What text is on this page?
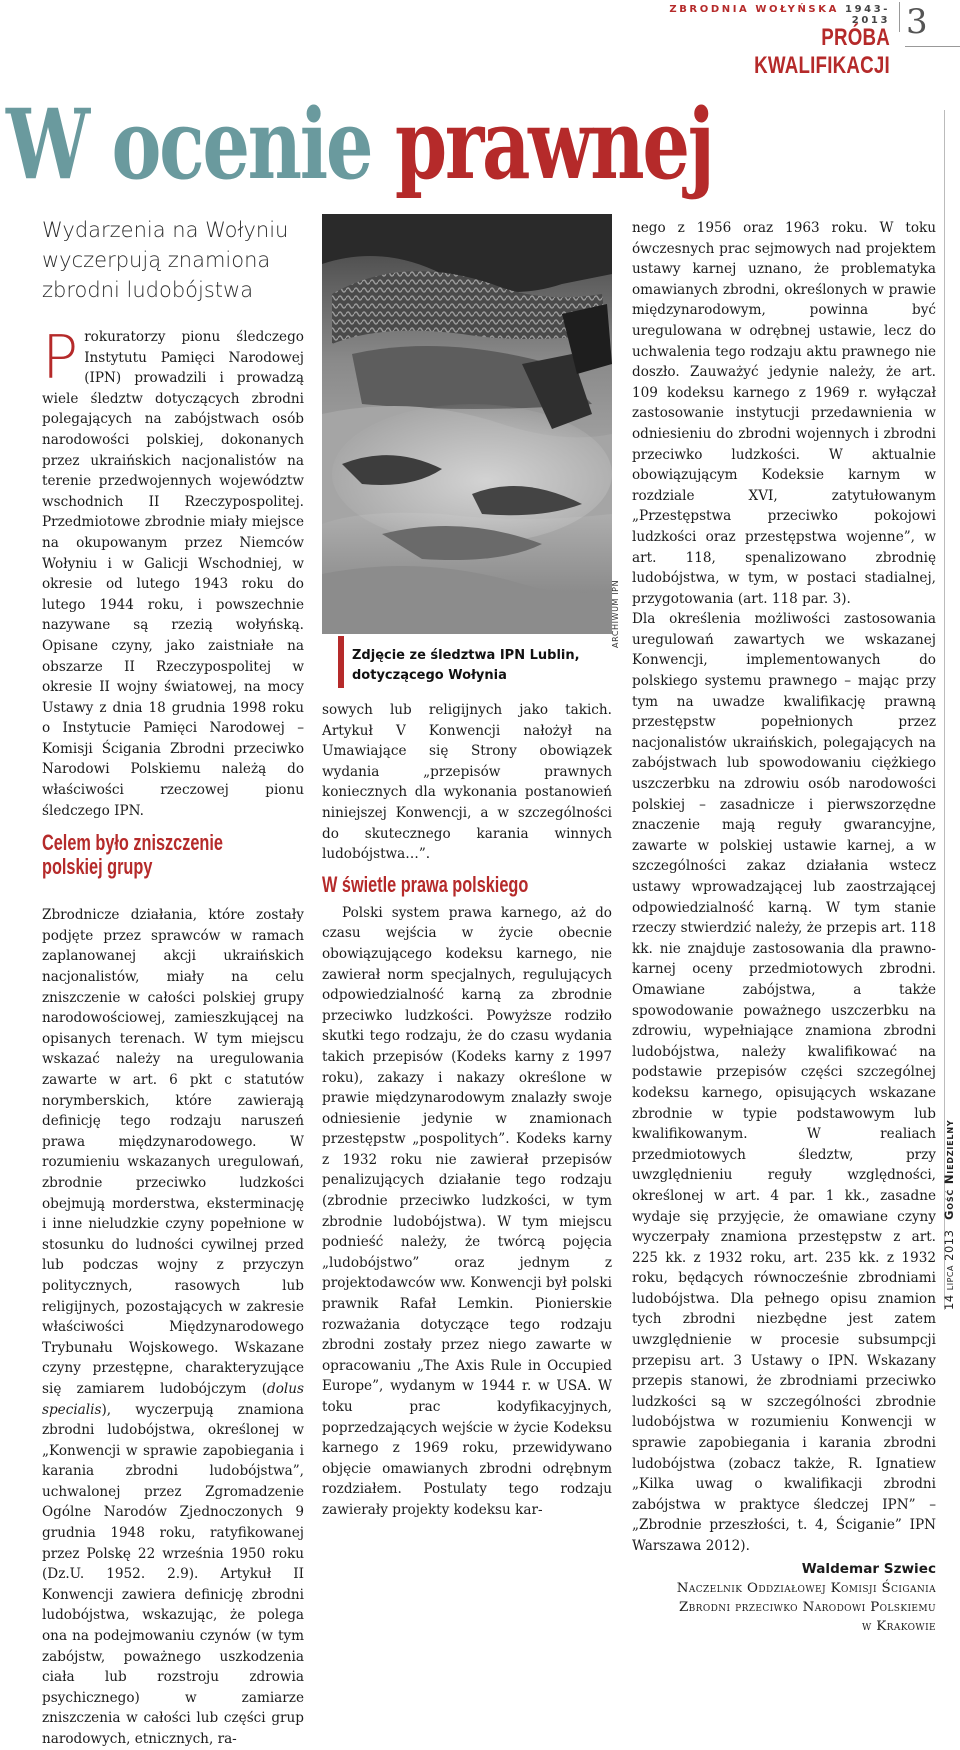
ZBRODNIA WOŁYŃSKA 1943-2013
PRÓBA KWALIFIKACJI
3
W ocenie prawnej
Wydarzenia na Wołyniu wyczerpują znamiona zbrodni ludobójstwa

Prokuratorzy pionu śledczego Instytutu Pamięci Narodowej (IPN) prowadzili i prowadzą wiele śledztw dotyczących zbrodni polegających na zabójstwach osób narodowości polskiej, dokonanych przez ukraińskich nacjonalistów na terenie przedwojennych województw wschodnich II Rzeczypospolitej. Przedmiotowe zbrodnie miały miejsce na okupowanym przez Niemców Wołyniu i w Galicji Wschodniej, w okresie od lutego 1943 roku do lutego 1944 roku, i powszechnie nazywane są rzezią wołyńską. Opisane czyny, jako zaistniałe na obszarze II Rzeczypospolitej w okresie II wojny światowej, na mocy Ustawy z dnia 18 grudnia 1998 roku o Instytucie Pamięci Narodowej – Komisji Ścigania Zbrodni przeciwko Narodowi Polskiemu należą do właściwości rzeczowej pionu śledczego IPN.

Celem było zniszczenie
polskiej grupy

Zbrodnicze działania, które zostały podjęte przez sprawców w ramach zaplanowanej akcji ukraińskich nacjonalistów, miały na celu zniszczenie w całości polskiej grupy narodowościowej, zamieszkującej na opisanych terenach. W tym miejscu wskazać należy na uregulowania zawarte w art. 6 pkt c statutów norymberskich, które zawierają definicję tego rodzaju naruszeń prawa międzynarodowego. W rozumieniu wskazanych uregulowań, zbrodnie przeciwko ludzkości obejmują morderstwa, eksterminację i inne nieludzkie czyny popełnione w stosunku do ludności cywilnej przed lub podczas wojny z przyczyn politycznych, rasowych lub religijnych, pozostających w zakresie właściwości Międzynarodowego Trybunału Wojskowego. Wskazane czyny przestępne, charakteryzujące się zamiarem ludobójczym (dolus specialis), wyczerpują znamiona zbrodni ludobójstwa, określonej w „Konwencji w sprawie zapobiegania i karania zbrodni ludobójstwa”, uchwalonej przez Zgromadzenie Ogólne Narodów Zjednoczonych 9 grudnia 1948 roku, ratyfikowanej przez Polskę 22 września 1950 roku (Dz.U. 1952. 2.9). Artykuł II Konwencji zawiera definicję zbrodni ludobójstwa, wskazując, że polega ona na podejmowaniu czynów (w tym zabójstw, poważnego uszkodzenia ciała lub rozstroju zdrowia psychicznego) w zamiarze zniszczenia w całości lub części grup narodowych, etnicznych, ra-

ARCHIWUM IPN
Zdjęcie ze śledztwa IPN Lublin, dotyczącego Wołynia

sowych lub religijnych jako takich. Artykuł V Konwencji nałożył na Umawiające się Strony obowiązek wydania „przepisów prawnych koniecznych dla wykonania postanowień niniejszej Konwencji, a w szczególności do skutecznego karania winnych ludobójstwa…”.

W świetle prawa polskiego

Polski system prawa karnego, aż do czasu wejścia w życie obecnie obowiązującego kodeksu karnego, nie zawierał norm specjalnych, regulujących odpowiedzialność karną za zbrodnie przeciwko ludzkości. Powyższe rodziło skutki tego rodzaju, że do czasu wydania takich przepisów (Kodeks karny z 1997 roku), zakazy i nakazy określone w prawie międzynarodowym znalazły swoje odniesienie jedynie w znamionach przestępstw „pospolitych”. Kodeks karny z 1932 roku nie zawierał przepisów penalizujących działanie tego rodzaju (zbrodnie przeciwko ludzkości, w tym zbrodnie ludobójstwa). W tym miejscu podnieść należy, że twórcą pojęcia „ludobójstwo” oraz jednym z projektodawców ww. Konwencji był polski prawnik Rafał Lemkin. Pionierskie rozważania dotyczące tego rodzaju zbrodni zostały przez niego zawarte w opracowaniu „The Axis Rule in Occupied Europe”, wydanym w 1944 r. w USA. W toku prac kodyfikacyjnych, poprzedzających wejście w życie Kodeksu karnego z 1969 roku, przewidywano objęcie omawianych zbrodni odrębnym rozdziałem. Postulaty tego rodzaju zawierały projekty kodeksu kar-

nego z 1956 oraz 1963 roku. W toku ówczesnych prac sejmowych nad projektem ustawy karnej uznano, że problematyka omawianych zbrodni, określonych w prawie międzynarodowym, powinna być uregulowana w odrębnej ustawie, lecz do uchwalenia tego rodzaju aktu prawnego nie doszło. Zauważyć jedynie należy, że art. 109 kodeksu karnego z 1969 r. wyłączał zastosowanie instytucji przedawnienia w odniesieniu do zbrodni wojennych i zbrodni przeciwko ludzkości. W aktualnie obowiązującym Kodeksie karnym w rozdziale XVI, zatytułowanym „Przestępstwa przeciwko pokojowi ludzkości oraz przestępstwa wojenne”, w art. 118, spenalizowano zbrodnię ludobójstwa, w tym, w postaci stadialnej, przygotowania (art. 118 par. 3).

Dla określenia możliwości zastosowania uregulowań zawartych we wskazanej Konwencji, implementowanych do polskiego systemu prawnego – mając przy tym na uwadze kwalifikację prawną przestępstw popełnionych przez nacjonalistów ukraińskich, polegających na zabójstwach lub spowodowaniu ciężkiego uszczerbku na zdrowiu osób narodowości polskiej – zasadnicze i pierwszorzędne znaczenie mają reguły gwarancyjne, zawarte w polskiej ustawie karnej, a w szczególności zakaz działania wstecz ustawy wprowadzającej lub zaostrzającej odpowiedzialność karną. W tym stanie rzeczy stwierdzić należy, że przepis art. 118 kk. nie znajduje zastosowania dla prawno-karnej oceny przedmiotowych zbrodni. Omawiane zabójstwa, a także spowodowanie poważnego uszczerbku na zdrowiu, wypełniające znamiona zbrodni ludobójstwa, należy kwalifikować na podstawie przepisów części szczególnej kodeksu karnego, opisujących wskazane zbrodnie w typie podstawowym lub kwalifikowanym. W realiach przedmiotowych śledztw, przy uwzględnieniu reguły względności, określonej w art. 4 par. 1 kk., zasadne wydaje się przyjęcie, że omawiane czyny wyczerpały znamiona przestępstw z art. 225 kk. z 1932 roku, art. 235 kk. z 1932 roku, będących równocześnie zbrodniami ludobójstwa. Dla pełnego opisu znamion tych zbrodni niezbędne jest zatem uwzględnienie w procesie subsumpcji przepisu art. 3 Ustawy o IPN. Wskazany przepis stanowi, że zbrodniami przeciwko ludzkości są w szczególności zbrodnie ludobójstwa w rozumieniu Konwencji w sprawie zapobiegania i karania zbrodni ludobójstwa (zobacz także, R. Ignatiew „Kilka uwag o kwalifikacji zbrodni zabójstwa w praktyce śledczej IPN” – „Zbrodnie przeszłości, t. 4, Ściganie” IPN Warszawa 2012).

Waldemar Szwiec
Naczelnik Oddziałowej Komisji Ścigania
Zbrodni przeciwko Narodowi Polskiemu
w Krakowie
14 lipca 2013Gość Niedzielny
